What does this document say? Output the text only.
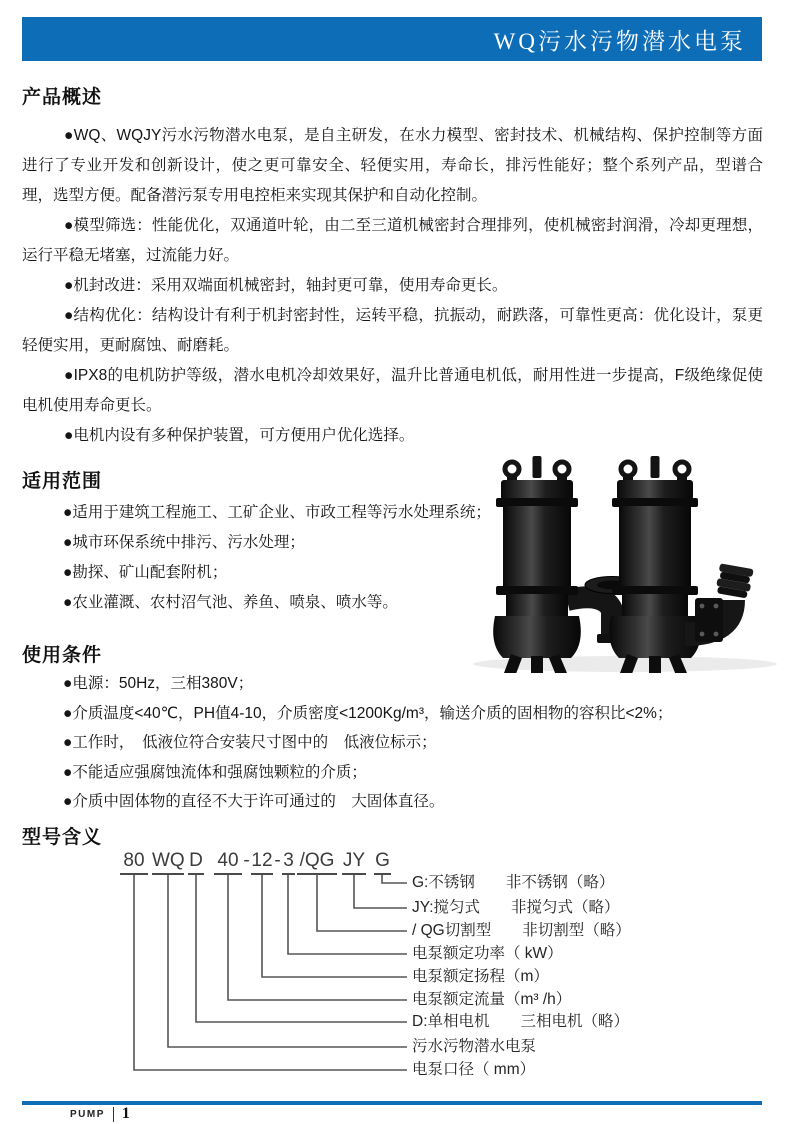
WQ污水污物潜水电泵
产品概述

●WQ、WQJY污水污物潜水电泵，是自主研发，在水力模型、密封技术、机械结构、保护控制等方面进行了专业开发和创新设计，使之更可靠安全、轻便实用，寿命长，排污性能好；整个系列产品，型谱合理，选型方便。配备潜污泵专用电控柜来实现其保护和自动化控制。

●模型筛选：性能优化，双通道叶轮，由二至三道机械密封合理排列，使机械密封润滑，冷却更理想，运行平稳无堵塞，过流能力好。

●机封改进：采用双端面机械密封，轴封更可靠，使用寿命更长。

●结构优化：结构设计有利于机封密封性，运转平稳，抗振动，耐跌落，可靠性更高：优化设计，泵更轻便实用，更耐腐蚀、耐磨耗。

●IPX8的电机防护等级，潜水电机冷却效果好，温升比普通电机低，耐用性进一步提高，F级绝缘促使电机使用寿命更长。

●电机内设有多种保护装置，可方便用户优化选择。

适用范围
●适用于建筑工程施工、工矿企业、市政工程等污水处理系统；
●城市环保系统中排污、污水处理；
●勘探、矿山配套附机；
●农业灌溉、农村沼气池、养鱼、喷泉、喷水等。
使用条件
●电源：50Hz，三相380V；
●介质温度<40℃，PH值4-10，介质密度<1200Kg/m³，输送介质的固相物的容积比<2%；
●工作时，　低液位符合安装尺寸图中的　低液位标示；
●不能适应强腐蚀流体和强腐蚀颗粒的介质；
●介质中固体物的直径不大于许可通过的　大固体直径。
型号含义
80 WQ D 40 - 12 - 3 /QG JY G
G:不锈钢　　非不锈钢（略）
JY:搅匀式　　非搅匀式（略）
/ QG切割型　　非切割型（略）
电泵额定功率（ kW）
电泵额定扬程（m）
电泵额定流量（m³ /h）
D:单相电机　　三相电机（略）
污水污物潜水电泵
电泵口径（ mm）
PUMP 1
